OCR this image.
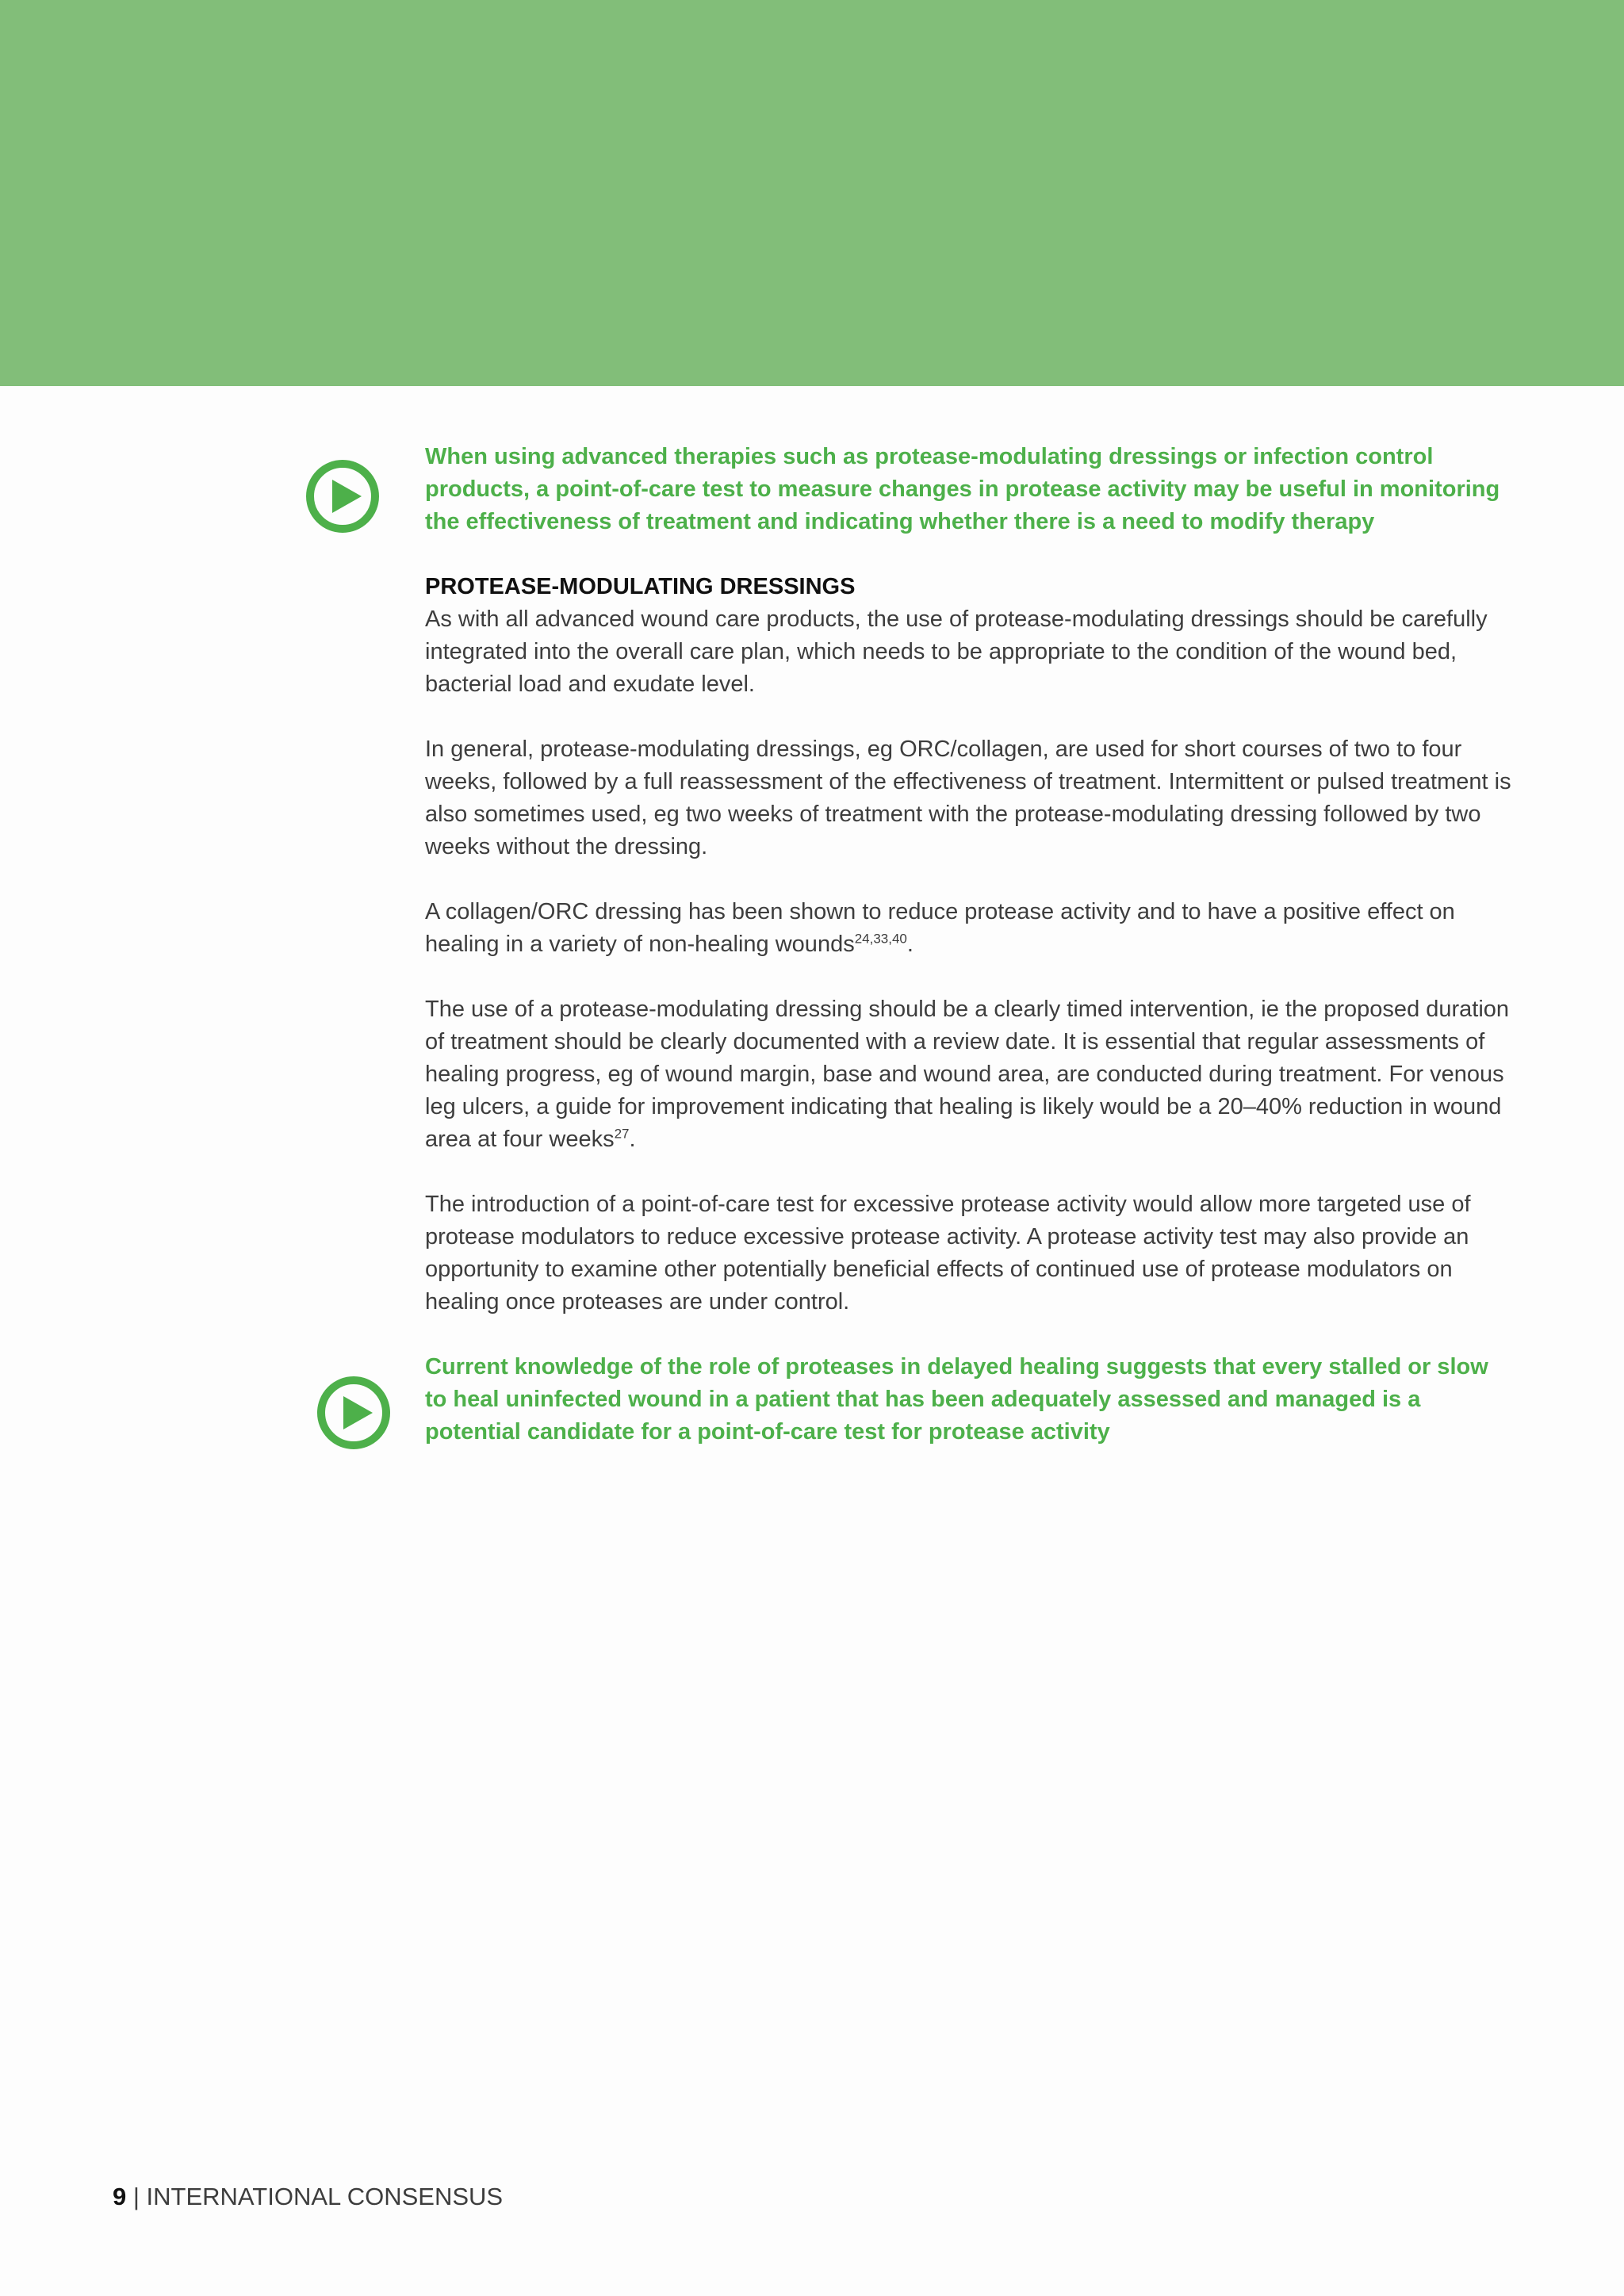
When using advanced therapies such as protease-modulating dressings or infection control products, a point-of-care test to measure changes in protease activity may be useful in monitoring the effectiveness of treatment and indicating whether there is a need to modify therapy

PROTEASE-MODULATING DRESSINGS

As with all advanced wound care products, the use of protease-modulating dressings should be carefully integrated into the overall care plan, which needs to be appropriate to the condition of the wound bed, bacterial load and exudate level.

In general, protease-modulating dressings, eg ORC/collagen, are used for short courses of two to four weeks, followed by a full reassessment of the effectiveness of treatment. Intermittent or pulsed treatment is also sometimes used, eg two weeks of treatment with the protease-modulating dressing followed by two weeks without the dressing.

A collagen/ORC dressing has been shown to reduce protease activity and to have a positive effect on healing in a variety of non-healing wounds$^{24,33,40}$.

The use of a protease-modulating dressing should be a clearly timed intervention, ie the proposed duration of treatment should be clearly documented with a review date. It is essential that regular assessments of healing progress, eg of wound margin, base and wound area, are conducted during treatment. For venous leg ulcers, a guide for improvement indicating that healing is likely would be a 20–40% reduction in wound area at four weeks$^{27}$.

The introduction of a point-of-care test for excessive protease activity would allow more targeted use of protease modulators to reduce excessive protease activity. A protease activity test may also provide an opportunity to examine other potentially beneficial effects of continued use of protease modulators on healing once proteases are under control.

Current knowledge of the role of proteases in delayed healing suggests that every stalled or slow to heal uninfected wound in a patient that has been adequately assessed and managed is a potential candidate for a point-of-care test for protease activity

9 | INTERNATIONAL CONSENSUS
